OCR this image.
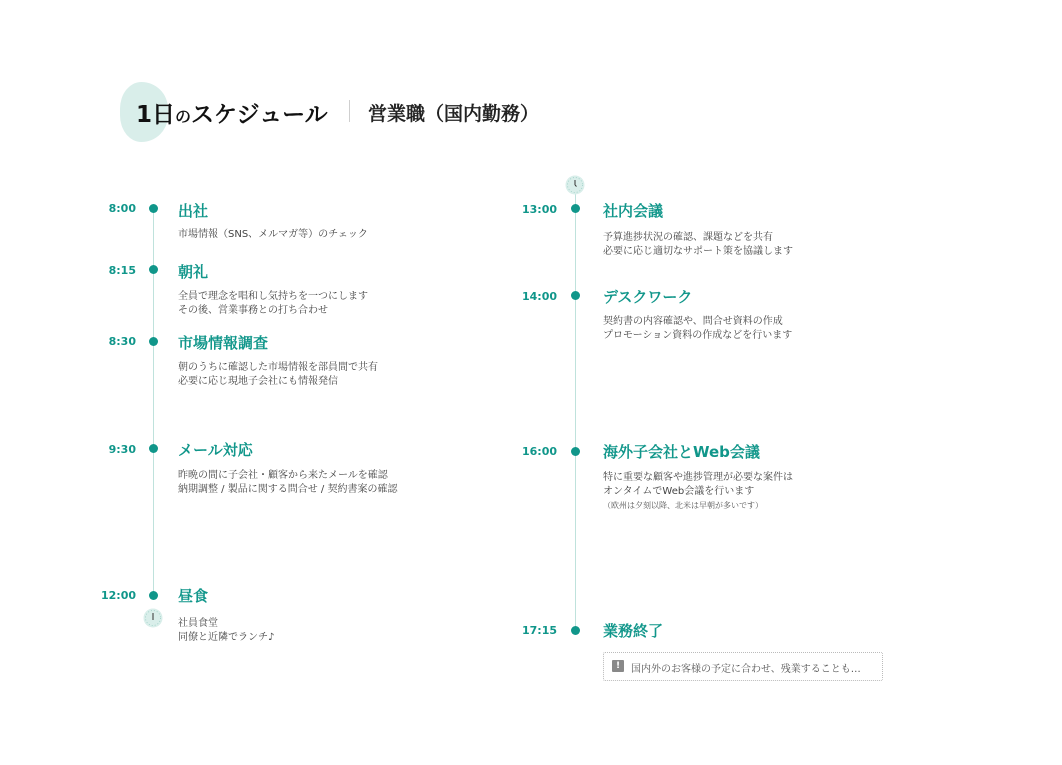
1日のスケジュール 営業職（国内勤務）
8:00	出社
市場情報（SNS、メルマガ等）のチェック
8:15	朝礼
全員で理念を唱和し気持ちを一つにします
その後、営業事務との打ち合わせ
8:30	市場情報調査
朝のうちに確認した市場情報を部員間で共有
必要に応じ現地子会社にも情報発信
9:30	メール対応
昨晩の間に子会社・顧客から来たメールを確認
納期調整 / 製品に関する問合せ / 契約書案の確認
12:00	昼食
社員食堂
同僚と近隣でランチ♪
13:00	社内会議
予算進捗状況の確認、課題などを共有
必要に応じ適切なサポート策を協議します
14:00	デスクワーク
契約書の内容確認や、問合せ資料の作成
プロモーション資料の作成などを行います
16:00	海外子会社とWeb会議
特に重要な顧客や進捗管理が必要な案件は
オンタイムでWeb会議を行います
（欧州は夕刻以降、北米は早朝が多いです）
17:15	業務終了
!	国内外のお客様の予定に合わせ、残業することも…
